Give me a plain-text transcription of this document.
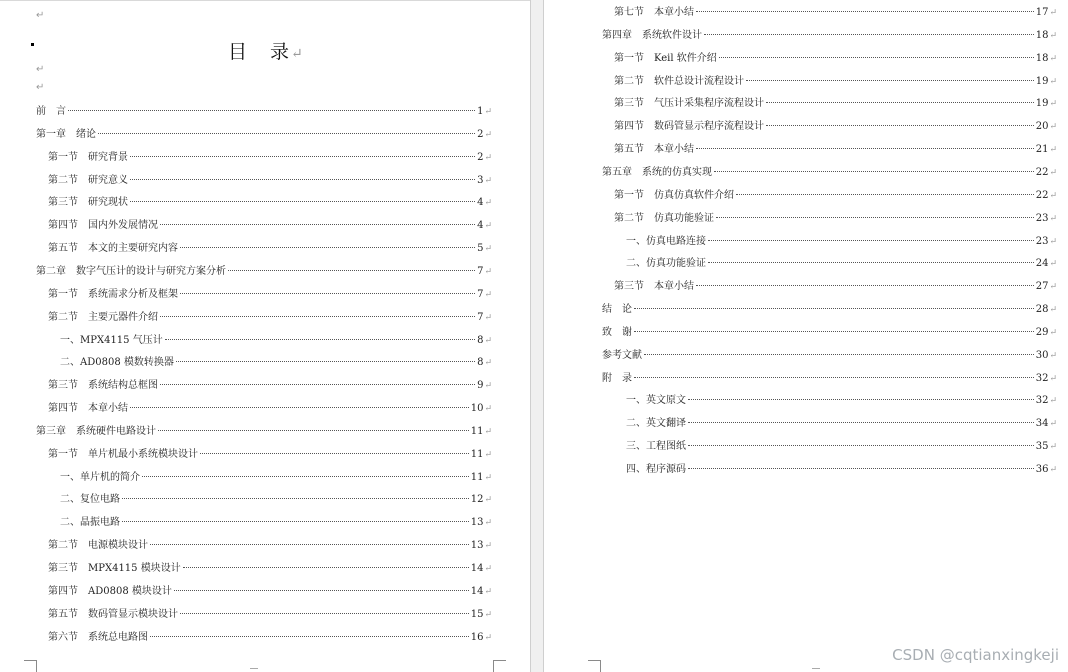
↵
目　录↵
↵
↵
前　言	1 ↵
第一章　绪论	2 ↵
第一节　研究背景	2 ↵
第二节　研究意义	3 ↵
第三节　研究现状	4 ↵
第四节　国内外发展情况	4 ↵
第五节　本文的主要研究内容	5 ↵
第二章　数字气压计的设计与研究方案分析	7 ↵
第一节　系统需求分析及框架	7 ↵
第二节　主要元器件介绍	7 ↵
一、MPX4115 气压计	8 ↵
二、AD0808 模数转换器	8 ↵
第三节　系统结构总框图	9 ↵
第四节　本章小结	10 ↵
第三章　系统硬件电路设计	11 ↵
第一节　单片机最小系统模块设计	11 ↵
一、单片机的简介	11 ↵
二、复位电路	12 ↵
二、晶振电路	13 ↵
第二节　电源模块设计	13 ↵
第三节　MPX4115 模块设计	14 ↵
第四节　AD0808 模块设计	14 ↵
第五节　数码管显示模块设计	15 ↵
第六节　系统总电路图	16 ↵
第七节　本章小结	17 ↵
第四章　系统软件设计	18 ↵
第一节　Keil 软件介绍	18 ↵
第二节　软件总设计流程设计	19 ↵
第三节　气压计采集程序流程设计	19 ↵
第四节　数码管显示程序流程设计	20 ↵
第五节　本章小结	21 ↵
第五章　系统的仿真实现	22 ↵
第一节　仿真仿真软件介绍	22 ↵
第二节　仿真功能验证	23 ↵
一、仿真电路连接	23 ↵
二、仿真功能验证	24 ↵
第三节　本章小结	27 ↵
结　论	28 ↵
致　谢	29 ↵
参考文献	30 ↵
附　录	32 ↵
一、英文原文	32 ↵
二、英文翻译	34 ↵
三、工程图纸	35 ↵
四、程序源码	36 ↵
CSDN @cqtianxingkeji
